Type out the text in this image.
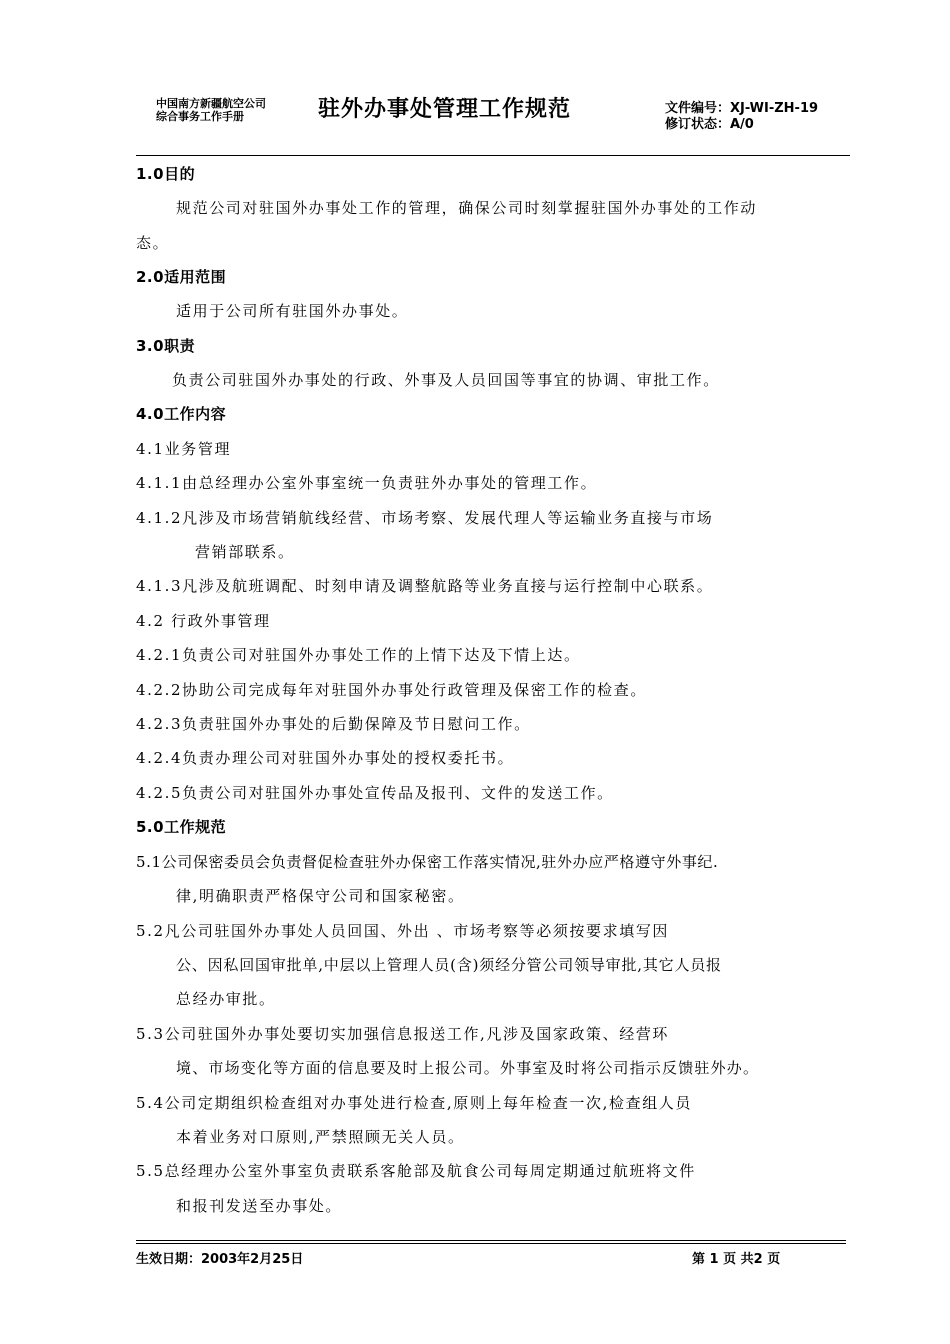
中国南方新疆航空公司
综合事务工作手册	驻外办事处管理工作规范	文件编号：XJ-WI-ZH-19
修订状态：A/0
1.0目的
规范公司对驻国外办事处工作的管理，确保公司时刻掌握驻国外办事处的工作动
态。
2.0适用范围
适用于公司所有驻国外办事处。
3.0职责
负责公司驻国外办事处的行政、外事及人员回国等事宜的协调、审批工作。
4.0工作内容
4.1业务管理
4.1.1由总经理办公室外事室统一负责驻外办事处的管理工作。
4.1.2凡涉及市场营销航线经营、市场考察、发展代理人等运输业务直接与市场
营销部联系。
4.1.3凡涉及航班调配、时刻申请及调整航路等业务直接与运行控制中心联系。
4.2 行政外事管理
4.2.1负责公司对驻国外办事处工作的上情下达及下情上达。
4.2.2协助公司完成每年对驻国外办事处行政管理及保密工作的检查。
4.2.3负责驻国外办事处的后勤保障及节日慰问工作。
4.2.4负责办理公司对驻国外办事处的授权委托书。
4.2.5负责公司对驻国外办事处宣传品及报刊、文件的发送工作。
5.0工作规范
5.1公司保密委员会负责督促检查驻外办保密工作落实情况,驻外办应严格遵守外事纪.
律,明确职责严格保守公司和国家秘密。
5.2凡公司驻国外办事处人员回国、外出 、市场考察等必须按要求填写因
公、因私回国审批单,中层以上管理人员(含)须经分管公司领导审批,其它人员报
总经办审批。
5.3公司驻国外办事处要切实加强信息报送工作,凡涉及国家政策、经营环
境、市场变化等方面的信息要及时上报公司。外事室及时将公司指示反馈驻外办。
5.4公司定期组织检查组对办事处进行检查,原则上每年检查一次,检查组人员
本着业务对口原则,严禁照顾无关人员。
5.5总经理办公室外事室负责联系客舱部及航食公司每周定期通过航班将文件
和报刊发送至办事处。
生效日期：2003年2月25日	第 1 页 共2 页
